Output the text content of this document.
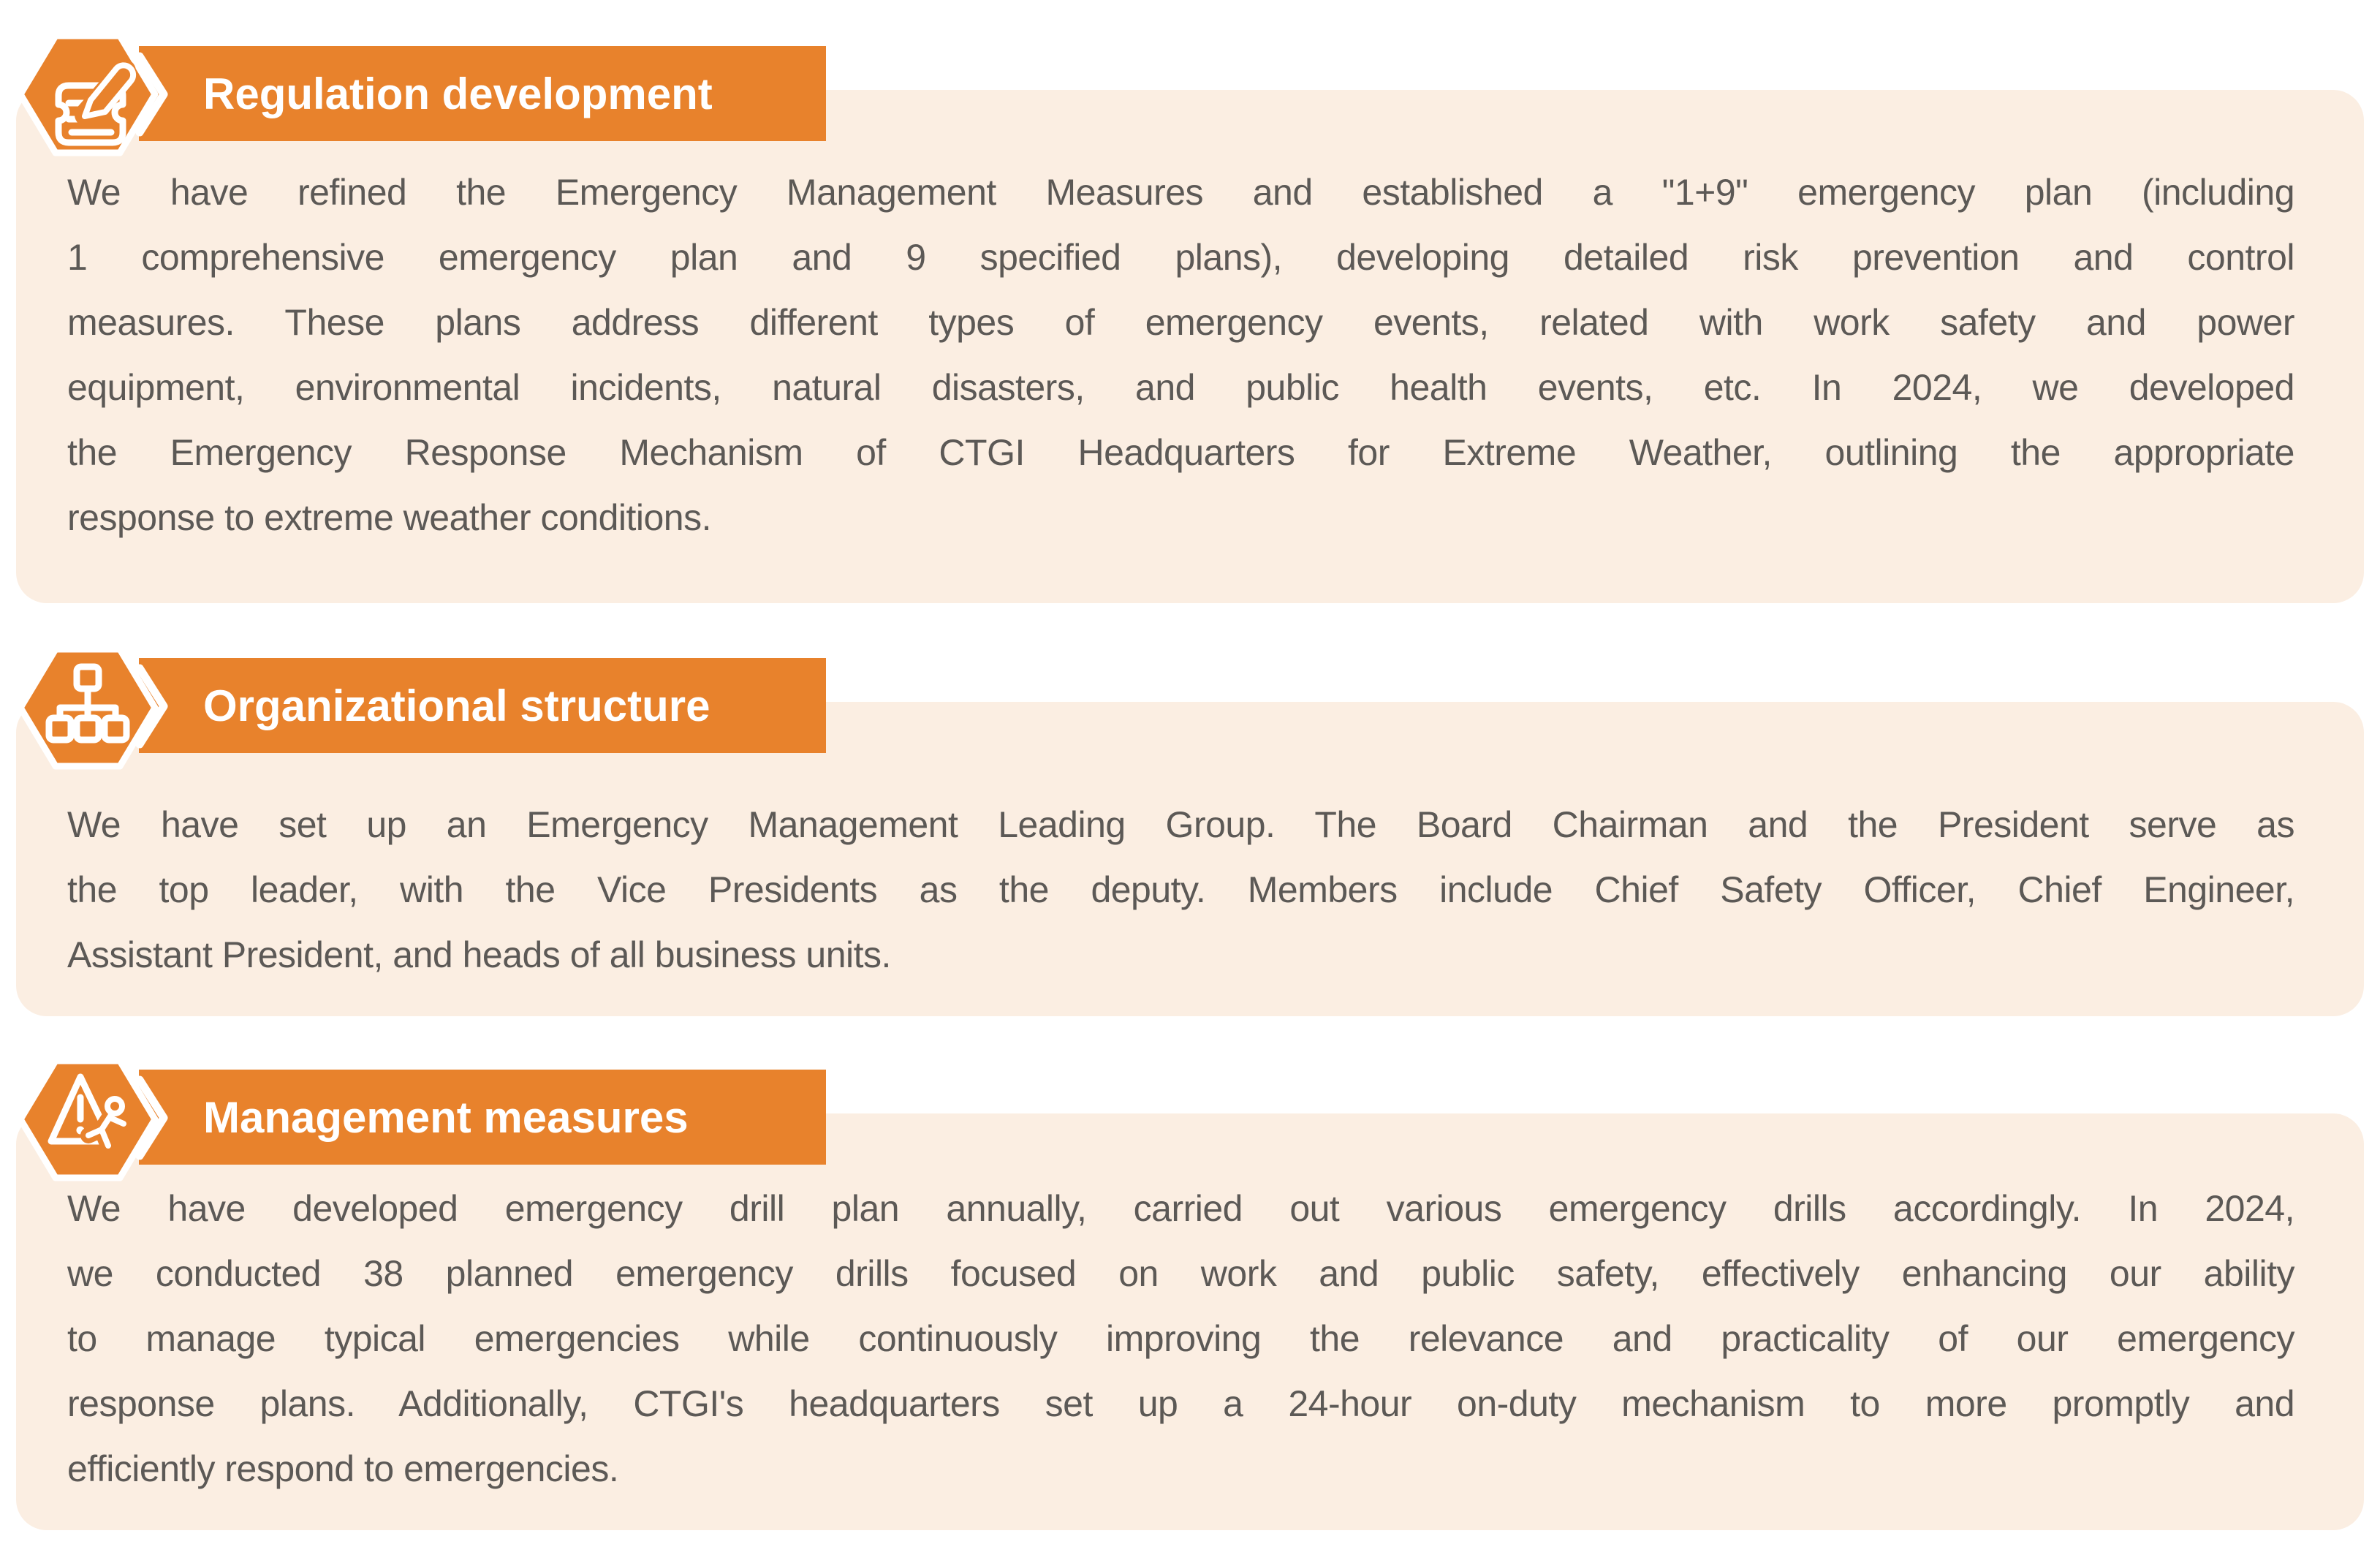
We have refined the Emergency Management Measures and established a "1+9" emergency plan (including
1 comprehensive emergency plan and 9 specified plans), developing detailed risk prevention and control
measures. These plans address different types of emergency events, related with work safety and power
equipment, environmental incidents, natural disasters, and public health events, etc. In 2024, we developed
the Emergency Response Mechanism of CTGI Headquarters for Extreme Weather, outlining the appropriate
response to extreme weather conditions.
Regulation development
We have set up an Emergency Management Leading Group. The Board Chairman and the President serve as
the top leader, with the Vice Presidents as the deputy. Members include Chief Safety Officer, Chief Engineer,
Assistant President, and heads of all business units.
Organizational structure
We have developed emergency drill plan annually, carried out various emergency drills accordingly. In 2024,
we conducted 38 planned emergency drills focused on work and public safety, effectively enhancing our ability
to manage typical emergencies while continuously improving the relevance and practicality of our emergency
response plans. Additionally, CTGI's headquarters set up a 24-hour on-duty mechanism to more promptly and
efficiently respond to emergencies.
Management measures
